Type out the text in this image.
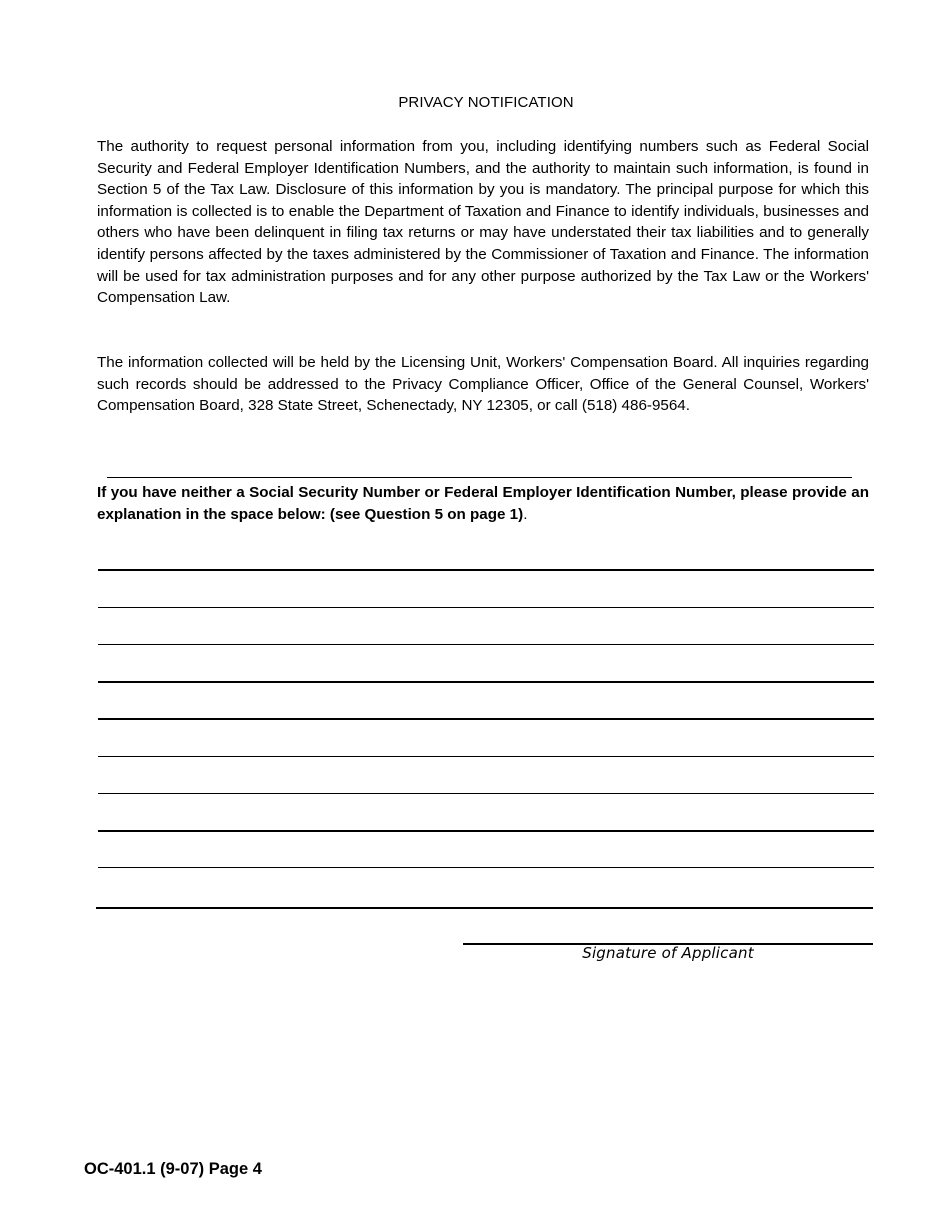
PRIVACY NOTIFICATION

The authority to request personal information from you, including identifying numbers such as Federal Social Security and Federal Employer Identification Numbers, and the authority to maintain such information, is found in Section 5 of the Tax Law. Disclosure of this information by you is mandatory. The principal purpose for which this information is collected is to enable the Department of Taxation and Finance to identify individuals, businesses and others who have been delinquent in filing tax returns or may have understated their tax liabilities and to generally identify persons affected by the taxes administered by the Commissioner of Taxation and Finance. The information will be used for tax administration purposes and for any other purpose authorized by the Tax Law or the Workers' Compensation Law.

The information collected will be held by the Licensing Unit, Workers' Compensation Board. All inquiries regarding such records should be addressed to the Privacy Compliance Officer, Office of the General Counsel, Workers' Compensation Board, 328 State Street, Schenectady, NY 12305, or call (518) 486-9564.

If you have neither a Social Security Number or Federal Employer Identification Number, please provide an explanation in the space below: (see Question 5 on page 1).

Signature of Applicant
OC-401.1 (9-07) Page 4
